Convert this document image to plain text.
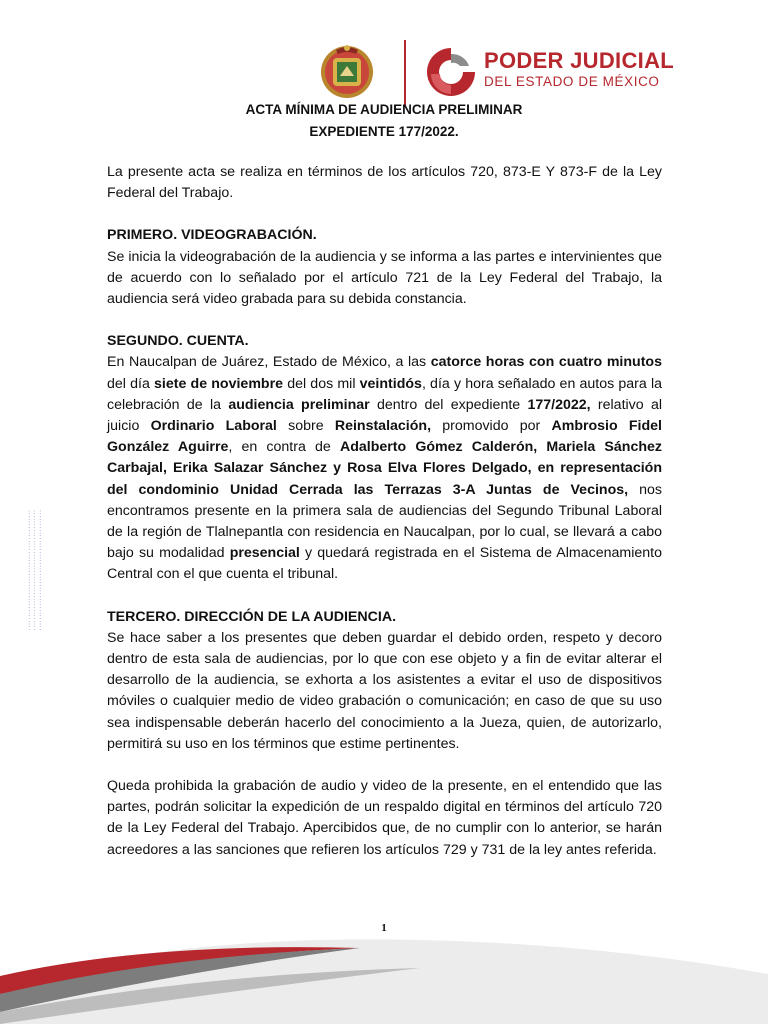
PODER JUDICIAL
DEL ESTADO DE MÉXICO
ACTA MÍNIMA DE AUDIENCIA PRELIMINAR
EXPEDIENTE 177/2022.
············································
············································
············································

La presente acta se realiza en términos de los artículos 720, 873-E Y 873-F de la Ley Federal del Trabajo.

PRIMERO. VIDEOGRABACIÓN.

Se inicia la videograbación de la audiencia y se informa a las partes e intervinientes que de acuerdo con lo señalado por el artículo 721 de la Ley Federal del Trabajo, la audiencia será video grabada para su debida constancia.

SEGUNDO. CUENTA.

En Naucalpan de Juárez, Estado de México, a las catorce horas con cuatro minutos del día siete de noviembre del dos mil veintidós, día y hora señalado en autos para la celebración de la audiencia preliminar dentro del expediente 177/2022, relativo al juicio Ordinario Laboral sobre Reinstalación, promovido por Ambrosio Fidel González Aguirre, en contra de Adalberto Gómez Calderón, Mariela Sánchez Carbajal, Erika Salazar Sánchez y Rosa Elva Flores Delgado, en representación del condominio Unidad Cerrada las Terrazas 3-A Juntas de Vecinos, nos encontramos presente en la primera sala de audiencias del Segundo Tribunal Laboral de la región de Tlalnepantla con residencia en Naucalpan, por lo cual, se llevará a cabo bajo su modalidad presencial y quedará registrada en el Sistema de Almacenamiento Central con el que cuenta el tribunal.

TERCERO. DIRECCIÓN DE LA AUDIENCIA.

Se hace saber a los presentes que deben guardar el debido orden, respeto y decoro dentro de esta sala de audiencias, por lo que con ese objeto y a fin de evitar alterar el desarrollo de la audiencia, se exhorta a los asistentes a evitar el uso de dispositivos móviles o cualquier medio de video grabación o comunicación; en caso de que su uso sea indispensable deberán hacerlo del conocimiento a la Jueza, quien, de autorizarlo, permitirá su uso en los términos que estime pertinentes.

Queda prohibida la grabación de audio y video de la presente, en el entendido que las partes, podrán solicitar la expedición de un respaldo digital en términos del artículo 720 de la Ley Federal del Trabajo. Apercibidos que, de no cumplir con lo anterior, se harán acreedores a las sanciones que refieren los artículos 729 y 731 de la ley antes referida.

1
